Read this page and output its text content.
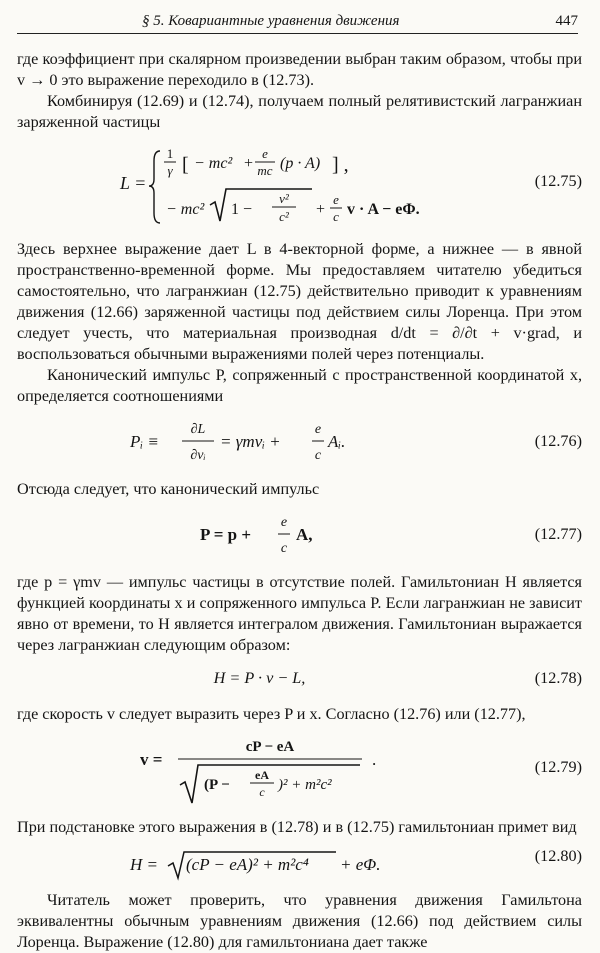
§ 5. Ковариантные уравнения движения	447

где коэффициент при скалярном произведении выбран таким образом, чтобы при v → 0 это выражение переходило в (12.73).

Комбинируя (12.69) и (12.74), получаем полный релятивистский лагранжиан заряженной частицы

L =
1
γ [ − mc² +
e
mc (p · A) ] ,
− mc² 1 −
v²
c² +
e
c v · A − eΦ.
(12.75)

Здесь верхнее выражение дает L в 4-векторной форме, а нижнее — в явной пространственно-временной форме. Мы предоставляем читателю убедиться самостоятельно, что лагранжиан (12.75) действительно приводит к уравнениям движения (12.66) заряженной частицы под действием силы Лоренца. При этом следует учесть, что материальная производная d/dt = ∂/∂t + v·grad, и воспользоваться обычными выражениями полей через потенциалы.

Канонический импульс P, сопряженный с пространственной координатой x, определяется соотношениями

Pᵢ ≡
∂L
∂vᵢ
= γmvᵢ +
e
c
Aᵢ.	(12.76)

Отсюда следует, что канонический импульс

P = p +
e
c
A,	(12.77)

где p = γmv — импульс частицы в отсутствие полей. Гамильтониан H является функцией координаты x и сопряженного импульса P. Если лагранжиан не зависит явно от времени, то H является интегралом движения. Гамильтониан выражается через лагранжиан следующим образом:

H = P · v − L,	(12.78)

где скорость v следует выразить через P и x. Согласно (12.76) или (12.77),

v =
cP − eA
(P −
eA
c )² + m²c²
.	(12.79)

При подстановке этого выражения в (12.78) и в (12.75) гамильтониан примет вид

H = (cP − eA)² + m²c⁴ + eΦ.	(12.80)

Читатель может проверить, что уравнения движения Гамильтона эквивалентны обычным уравнениям движения (12.66) под действием силы Лоренца. Выражение (12.80) для гамильтониана дает также
